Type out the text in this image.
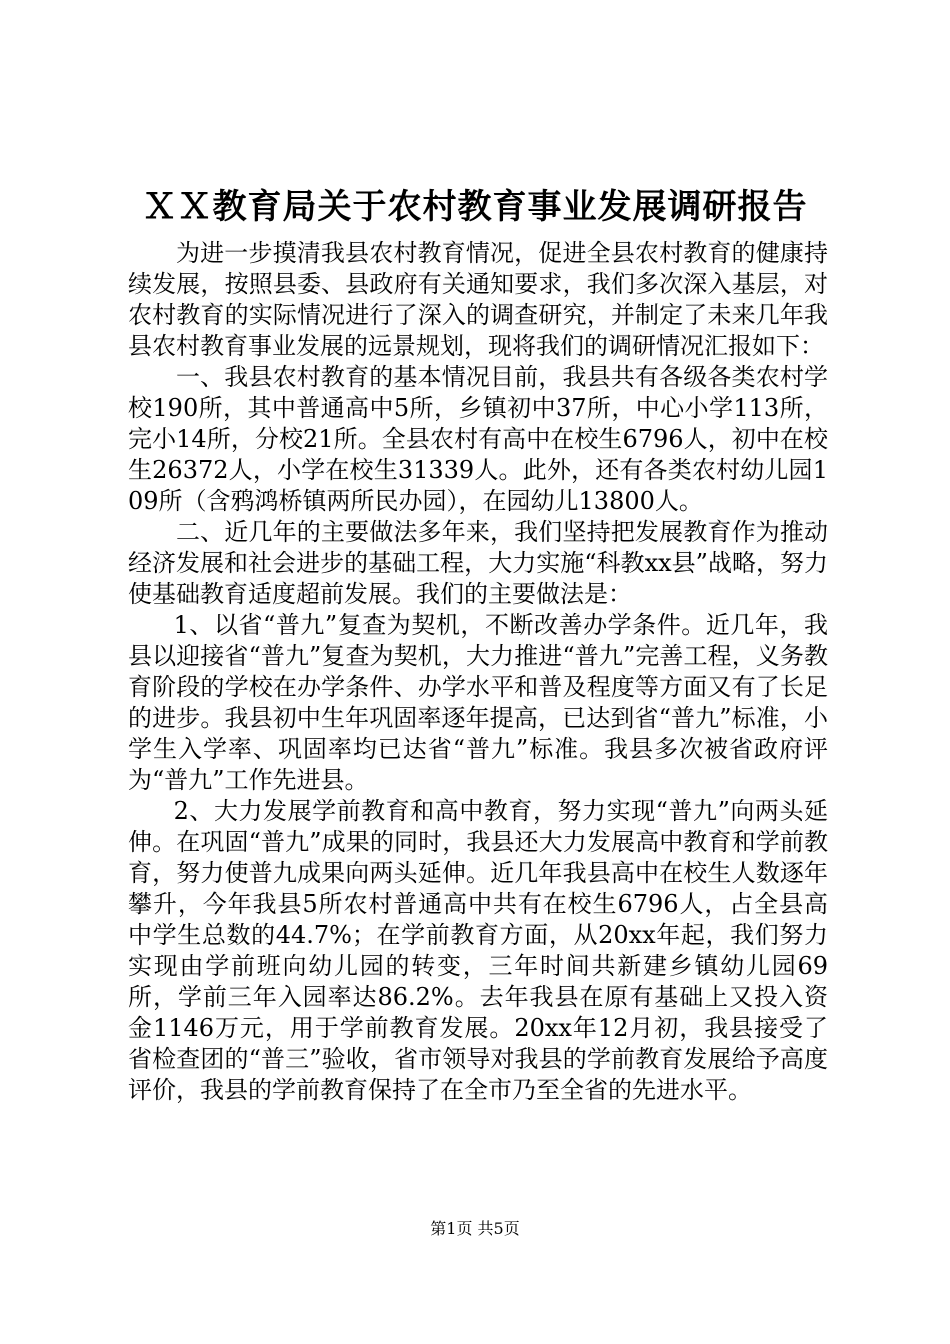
ＸＸ教育局关于农村教育事业发展调研报告

为进一步摸清我县农村教育情况，促进全县农村教育的健康持续发展，按照县委、县政府有关通知要求，我们多次深入基层，对农村教育的实际情况进行了深入的调查研究，并制定了未来几年我县农村教育事业发展的远景规划，现将我们的调研情况汇报如下：

一、我县农村教育的基本情况目前，我县共有各级各类农村学校190所，其中普通高中5所，乡镇初中37所，中心小学113所，完小14所，分校21所。全县农村有高中在校生6796人，初中在校生26372人，小学在校生31339人。此外，还有各类农村幼儿园109所（含鸦鸿桥镇两所民办园），在园幼儿13800人。

二、近几年的主要做法多年来，我们坚持把发展教育作为推动经济发展和社会进步的基础工程，大力实施“科教xx县”战略，努力使基础教育适度超前发展。我们的主要做法是：

1、以省“普九”复查为契机，不断改善办学条件。近几年，我县以迎接省“普九”复查为契机，大力推进“普九”完善工程，义务教育阶段的学校在办学条件、办学水平和普及程度等方面又有了长足的进步。我县初中生年巩固率逐年提高，已达到省“普九”标准，小学生入学率、巩固率均已达省“普九”标准。我县多次被省政府评为“普九”工作先进县。

2、大力发展学前教育和高中教育，努力实现“普九”向两头延伸。在巩固“普九”成果的同时，我县还大力发展高中教育和学前教育，努力使普九成果向两头延伸。近几年我县高中在校生人数逐年攀升，今年我县5所农村普通高中共有在校生6796人，占全县高中学生总数的44.7%；在学前教育方面，从20xx年起，我们努力实现由学前班向幼儿园的转变，三年时间共新建乡镇幼儿园69所，学前三年入园率达86.2%。去年我县在原有基础上又投入资金1146万元，用于学前教育发展。20xx年12月初，我县接受了省检查团的“普三”验收，省市领导对我县的学前教育发展给予高度评价，我县的学前教育保持了在全市乃至全省的先进水平。

第1页 共5页
